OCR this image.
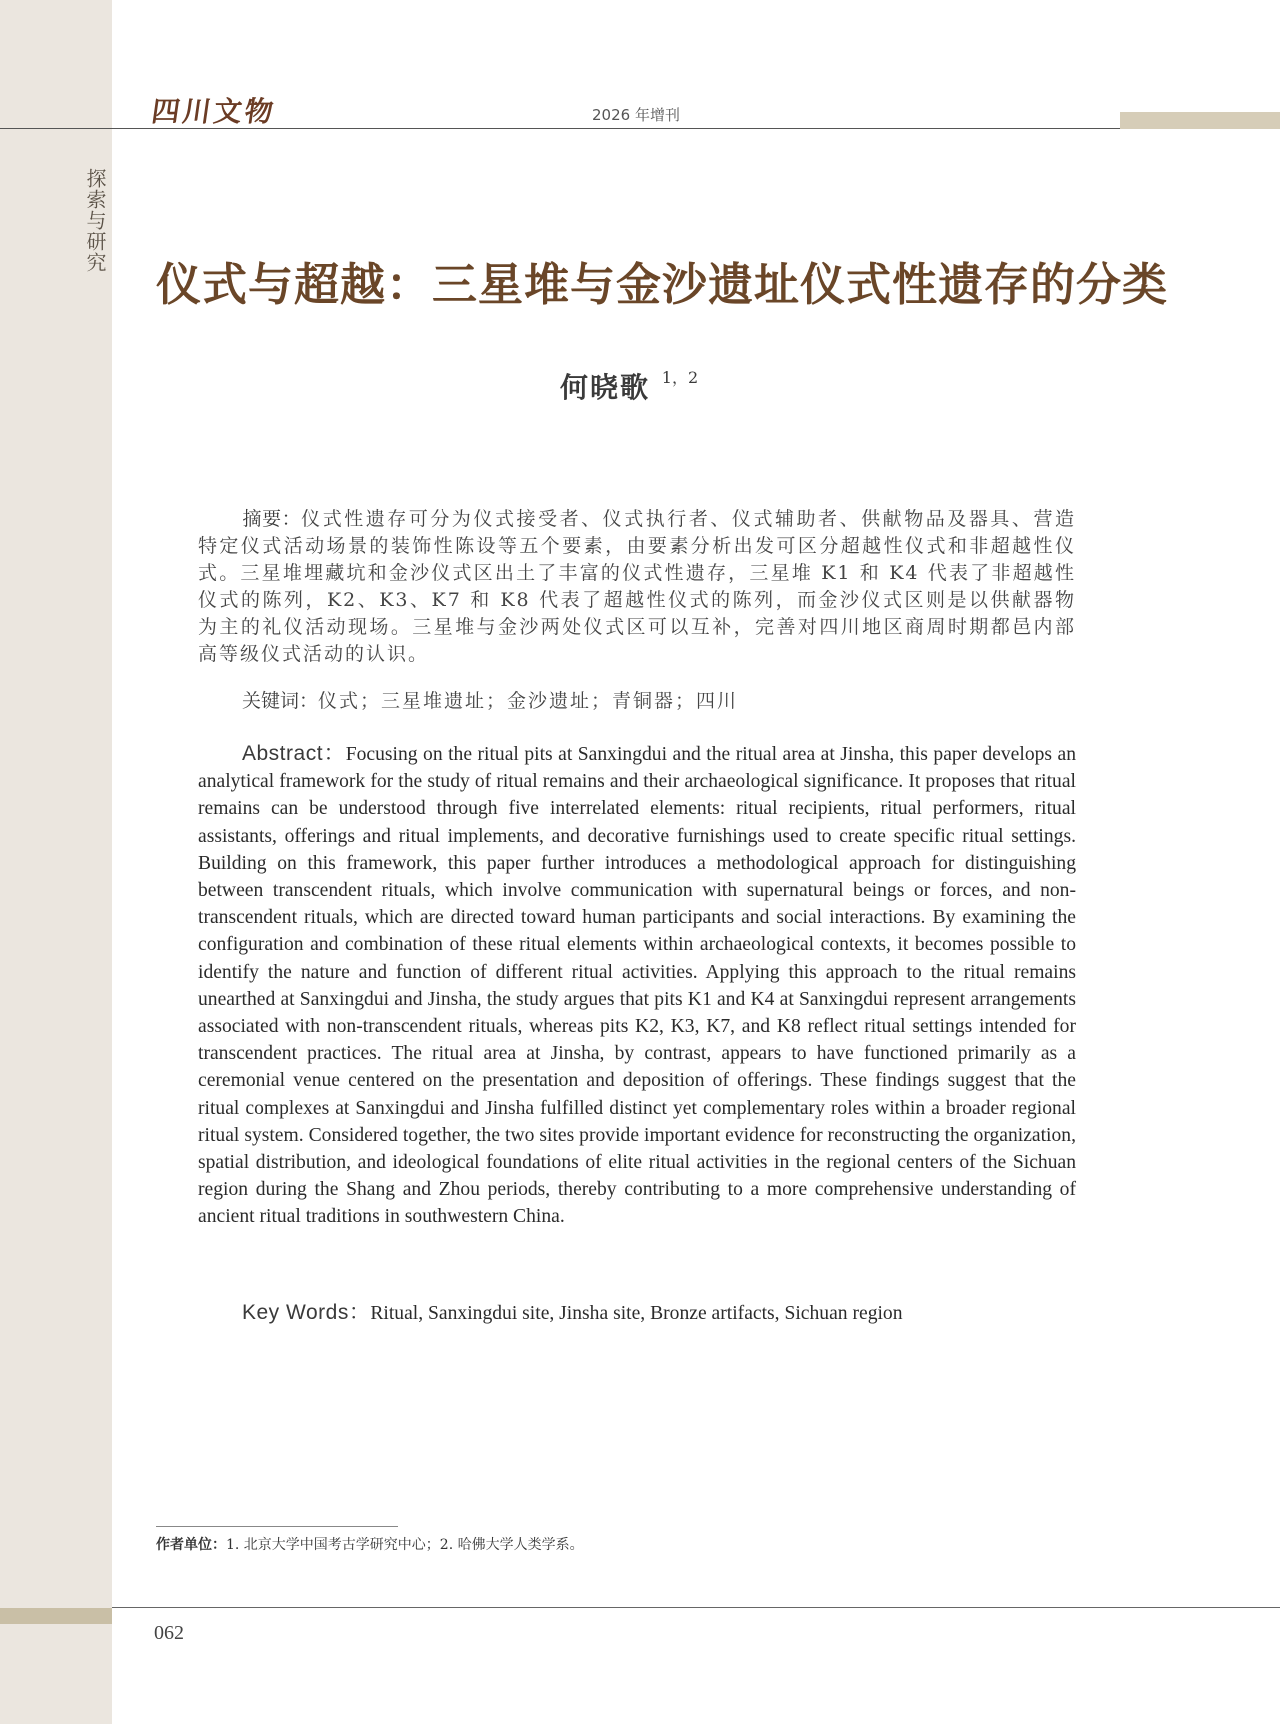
探索与研究
四川文物	2026 年增刊
仪式与超越：三星堆与金沙遗址仪式性遗存的分类
何晓歌 $^{1,2}$
摘要：仪式性遗存可分为仪式接受者、仪式执行者、仪式辅助者、供献物品及器具、营造特定仪式活动场景的装饰性陈设等五个要素，由要素分析出发可区分超越性仪式和非超越性仪式。三星堆埋藏坑和金沙仪式区出土了丰富的仪式性遗存，三星堆 K1 和 K4 代表了非超越性仪式的陈列，K2、K3、K7 和 K8 代表了超越性仪式的陈列，而金沙仪式区则是以供献器物为主的礼仪活动现场。三星堆与金沙两处仪式区可以互补，完善对四川地区商周时期都邑内部高等级仪式活动的认识。
关键词：仪式；三星堆遗址；金沙遗址；青铜器；四川
Abstract：Focusing on the ritual pits at Sanxingdui and the ritual area at Jinsha, this paper develops an analytical framework for the study of ritual remains and their archaeological significance. It proposes that ritual remains can be understood through five interrelated elements: ritual recipients, ritual performers, ritual assistants, offerings and ritual implements, and decorative furnishings used to create specific ritual settings. Building on this framework, this paper further introduces a methodological approach for distinguishing between transcendent rituals, which involve communication with supernatural beings or forces, and non-transcendent rituals, which are directed toward human participants and social interactions. By examining the configuration and combination of these ritual elements within archaeological contexts, it becomes possible to identify the nature and function of different ritual activities. Applying this approach to the ritual remains unearthed at Sanxingdui and Jinsha, the study argues that pits K1 and K4 at Sanxingdui represent arrangements associated with non-transcendent rituals, whereas pits K2, K3, K7, and K8 reflect ritual settings intended for transcendent practices. The ritual area at Jinsha, by contrast, appears to have functioned primarily as a ceremonial venue centered on the presentation and deposition of offerings. These findings suggest that the ritual complexes at Sanxingdui and Jinsha fulfilled distinct yet complementary roles within a broader regional ritual system. Considered together, the two sites provide important evidence for reconstructing the organization, spatial distribution, and ideological foundations of elite ritual activities in the regional centers of the Sichuan region during the Shang and Zhou periods, thereby contributing to a more comprehensive understanding of ancient ritual traditions in southwestern China.
Key Words：Ritual, Sanxingdui site, Jinsha site, Bronze artifacts, Sichuan region
作者单位：1. 北京大学中国考古学研究中心；2. 哈佛大学人类学系。
062
